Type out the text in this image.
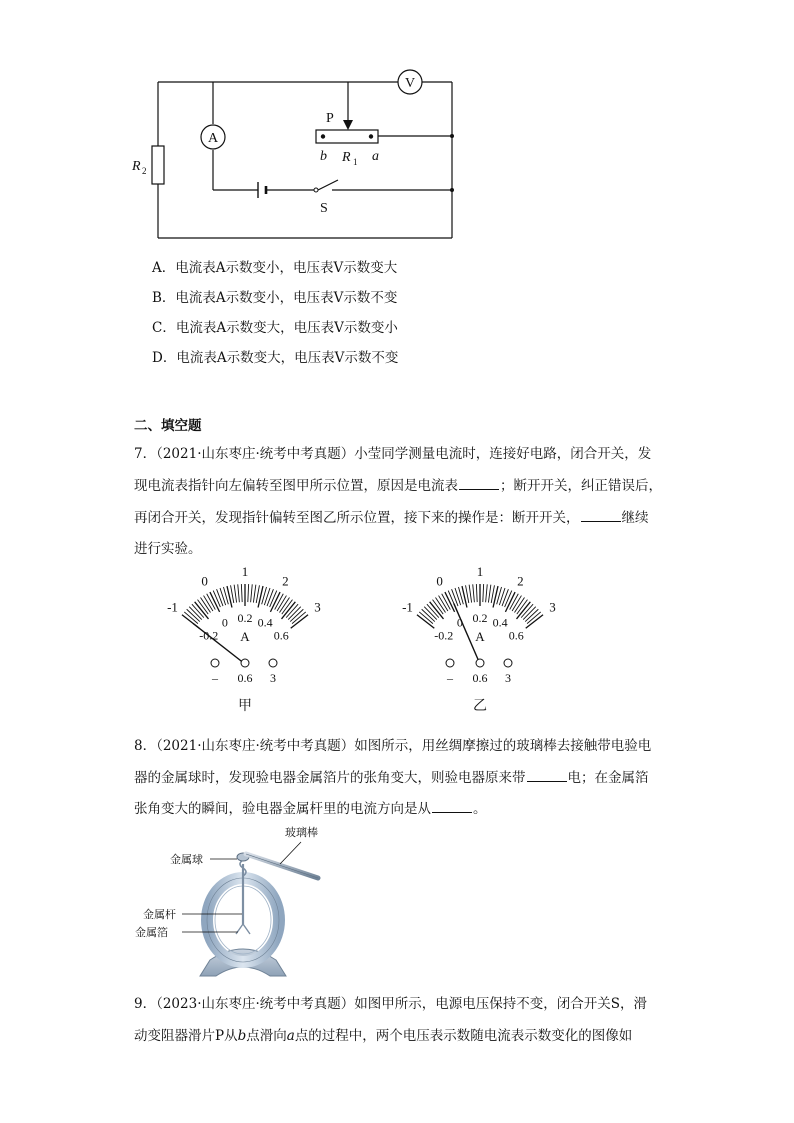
V
A
P
b R 1 a
R 2
S
A．电流表A示数变小，电压表V示数变大
B．电流表A示数变小，电压表V示数不变
C．电流表A示数变大，电压表V示数变小
D．电流表A示数变大，电压表V示数不变
二、填空题
7．（2021·山东枣庄·统考中考真题）小莹同学测量电流时，连接好电路，闭合开关，发
现电流表指针向左偏转至图甲所示位置，原因是电流表	；断开开关，纠正错误后，
再闭合开关，发现指针偏转至图乙所示位置，接下来的操作是：断开开关，	继续
进行实验。
-1
0
1
2
3
-0.2
0 0.2 0.4
0.6
A
– 0.6 3
甲
-1
0
1
2
3
-0.2
0 0.2 0.4
0.6
A
– 0.6 3
乙
8．（2021·山东枣庄·统考中考真题）如图所示，用丝绸摩擦过的玻璃棒去接触带电验电
器的金属球时，发现验电器金属箔片的张角变大，则验电器原来带	电；在金属箔
张角变大的瞬间，验电器金属杆里的电流方向是从	。
玻璃棒
金属球
金属杆
金属箔
9．（2023·山东枣庄·统考中考真题）如图甲所示，电源电压保持不变，闭合开关S，滑
动变阻器滑片P从b点滑向a点的过程中，两个电压表示数随电流表示数变化的图像如
